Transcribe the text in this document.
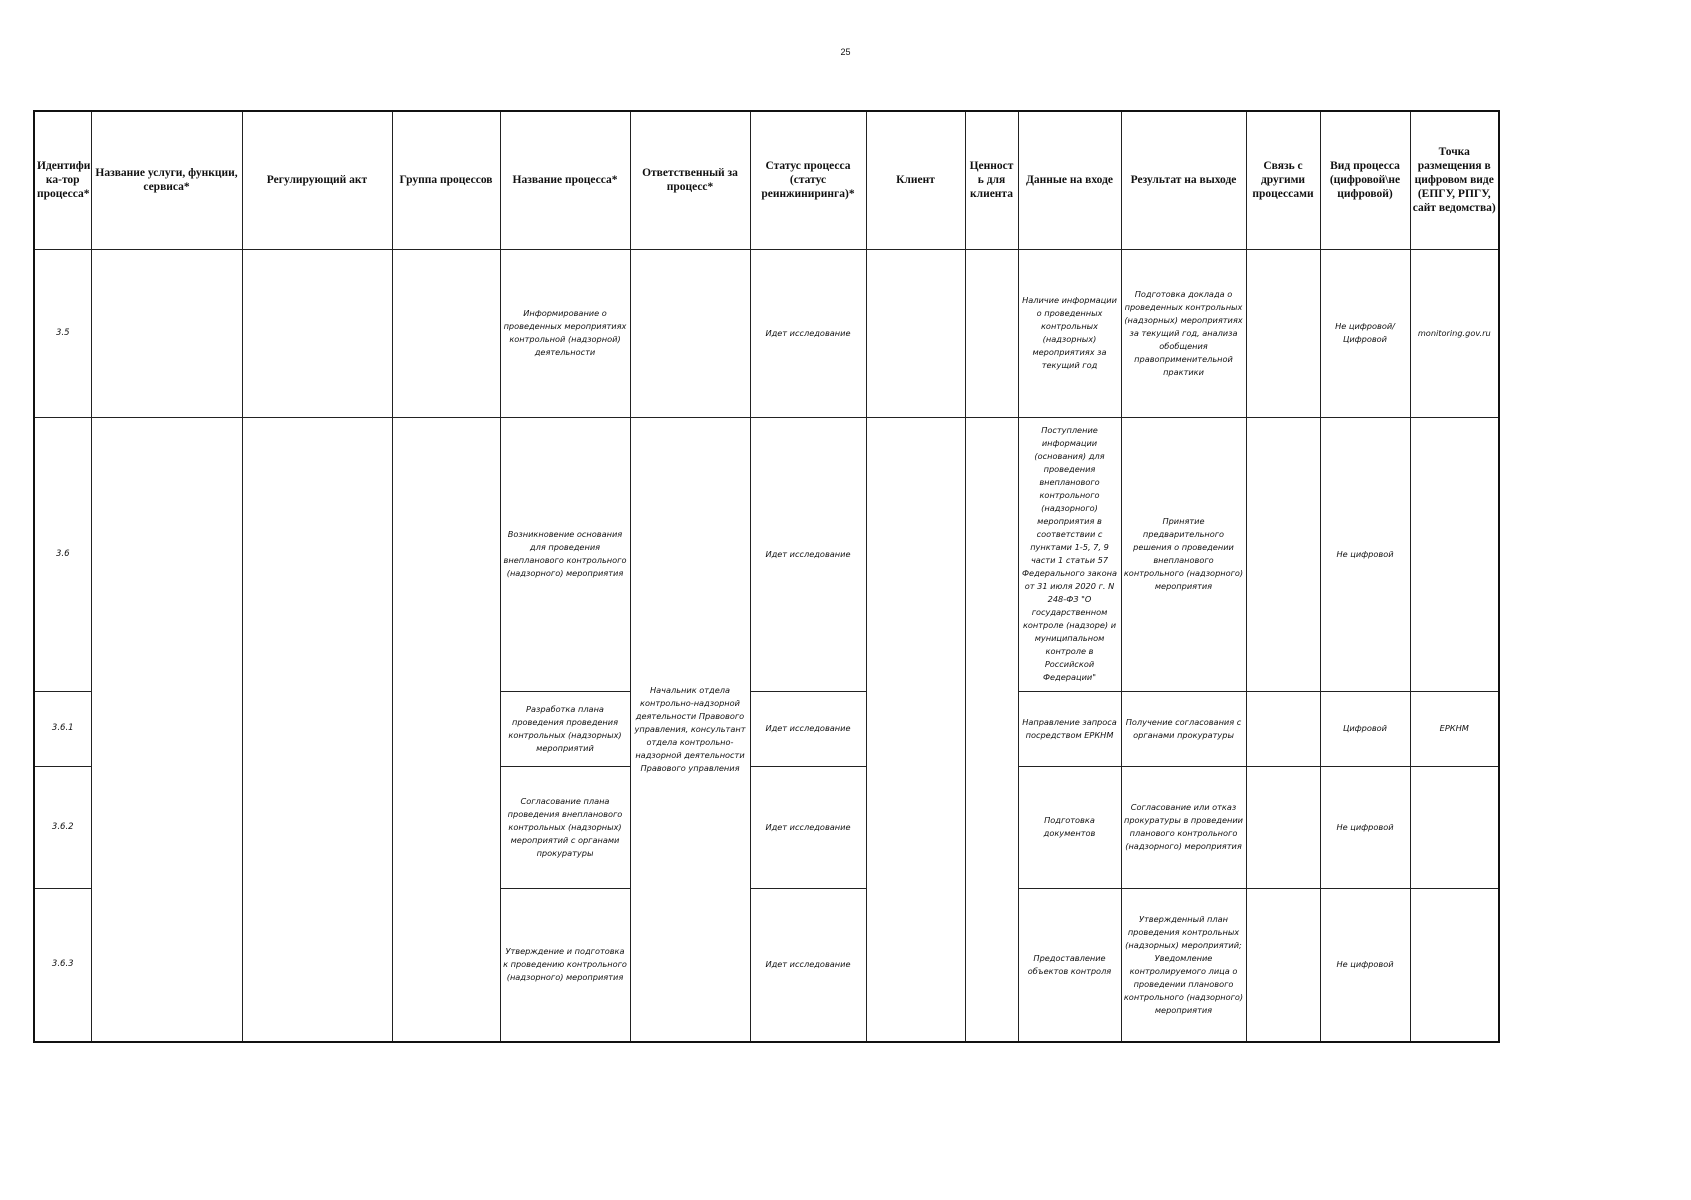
25
Идентифи ка-тор процесса*	Название услуги, функции, сервиса*	Регулирующий акт	Группа процессов	Название процесса*	Ответственный за процесс*	Статус процесса (статус реинжиниринга)*	Клиент	Ценност ь для клиента	Данные на входе	Результат на выходе	Связь с другими процессами	Вид процесса (цифровой\не цифровой)	Точка размещения в цифровом виде (ЕПГУ, РПГУ, сайт ведомства)
3.5				Информирование о проведенных мероприятиях контрольной (надзорной) деятельности		Идет исследование			Наличие информации о проведенных контрольных (надзорных) мероприятиях за текущий год	Подготовка доклада о проведенных контрольных (надзорных) мероприятиях за текущий год, анализа обобщения правоприменительной практики		Не цифровой/Цифровой	monitoring.gov.ru
3.6				Возникновение основания для проведения внепланового контрольного (надзорного) мероприятия	Начальник отдела контрольно-надзорной деятельности Правового управления, консультант отдела контрольно-надзорной деятельности Правового управления	Идет исследование			Поступление информации (основания) для проведения внепланового контрольного (надзорного) мероприятия в соответствии с пунктами 1-5, 7, 9 части 1 статьи 57 Федерального закона от 31 июля 2020 г. N 248-ФЗ "О государственном контроле (надзоре) и муниципальном контроле в Российской Федерации"	Принятие предварительного решения о проведении внепланового контрольного (надзорного) мероприятия		Не цифровой	
3.6.1				Разработка плана проведения проведения контрольных (надзорных) мероприятий		Идет исследование			Направление запроса посредством ЕРКНМ	Получение согласования с органами прокуратуры		Цифровой	ЕРКНМ
3.6.2				Согласование плана проведения внепланового контрольных (надзорных) мероприятий с органами прокуратуры		Идет исследование			Подготовка документов	Согласование или отказ прокуратуры в проведении планового контрольного (надзорного) мероприятия		Не цифровой	
3.6.3				Утверждение и подготовка к проведению контрольного (надзорного) мероприятия		Идет исследование			Предоставление объектов контроля	Утвержденный план проведения контрольных (надзорных) мероприятий; Уведомление контролируемого лица о проведении планового контрольного (надзорного) мероприятия		Не цифровой	
